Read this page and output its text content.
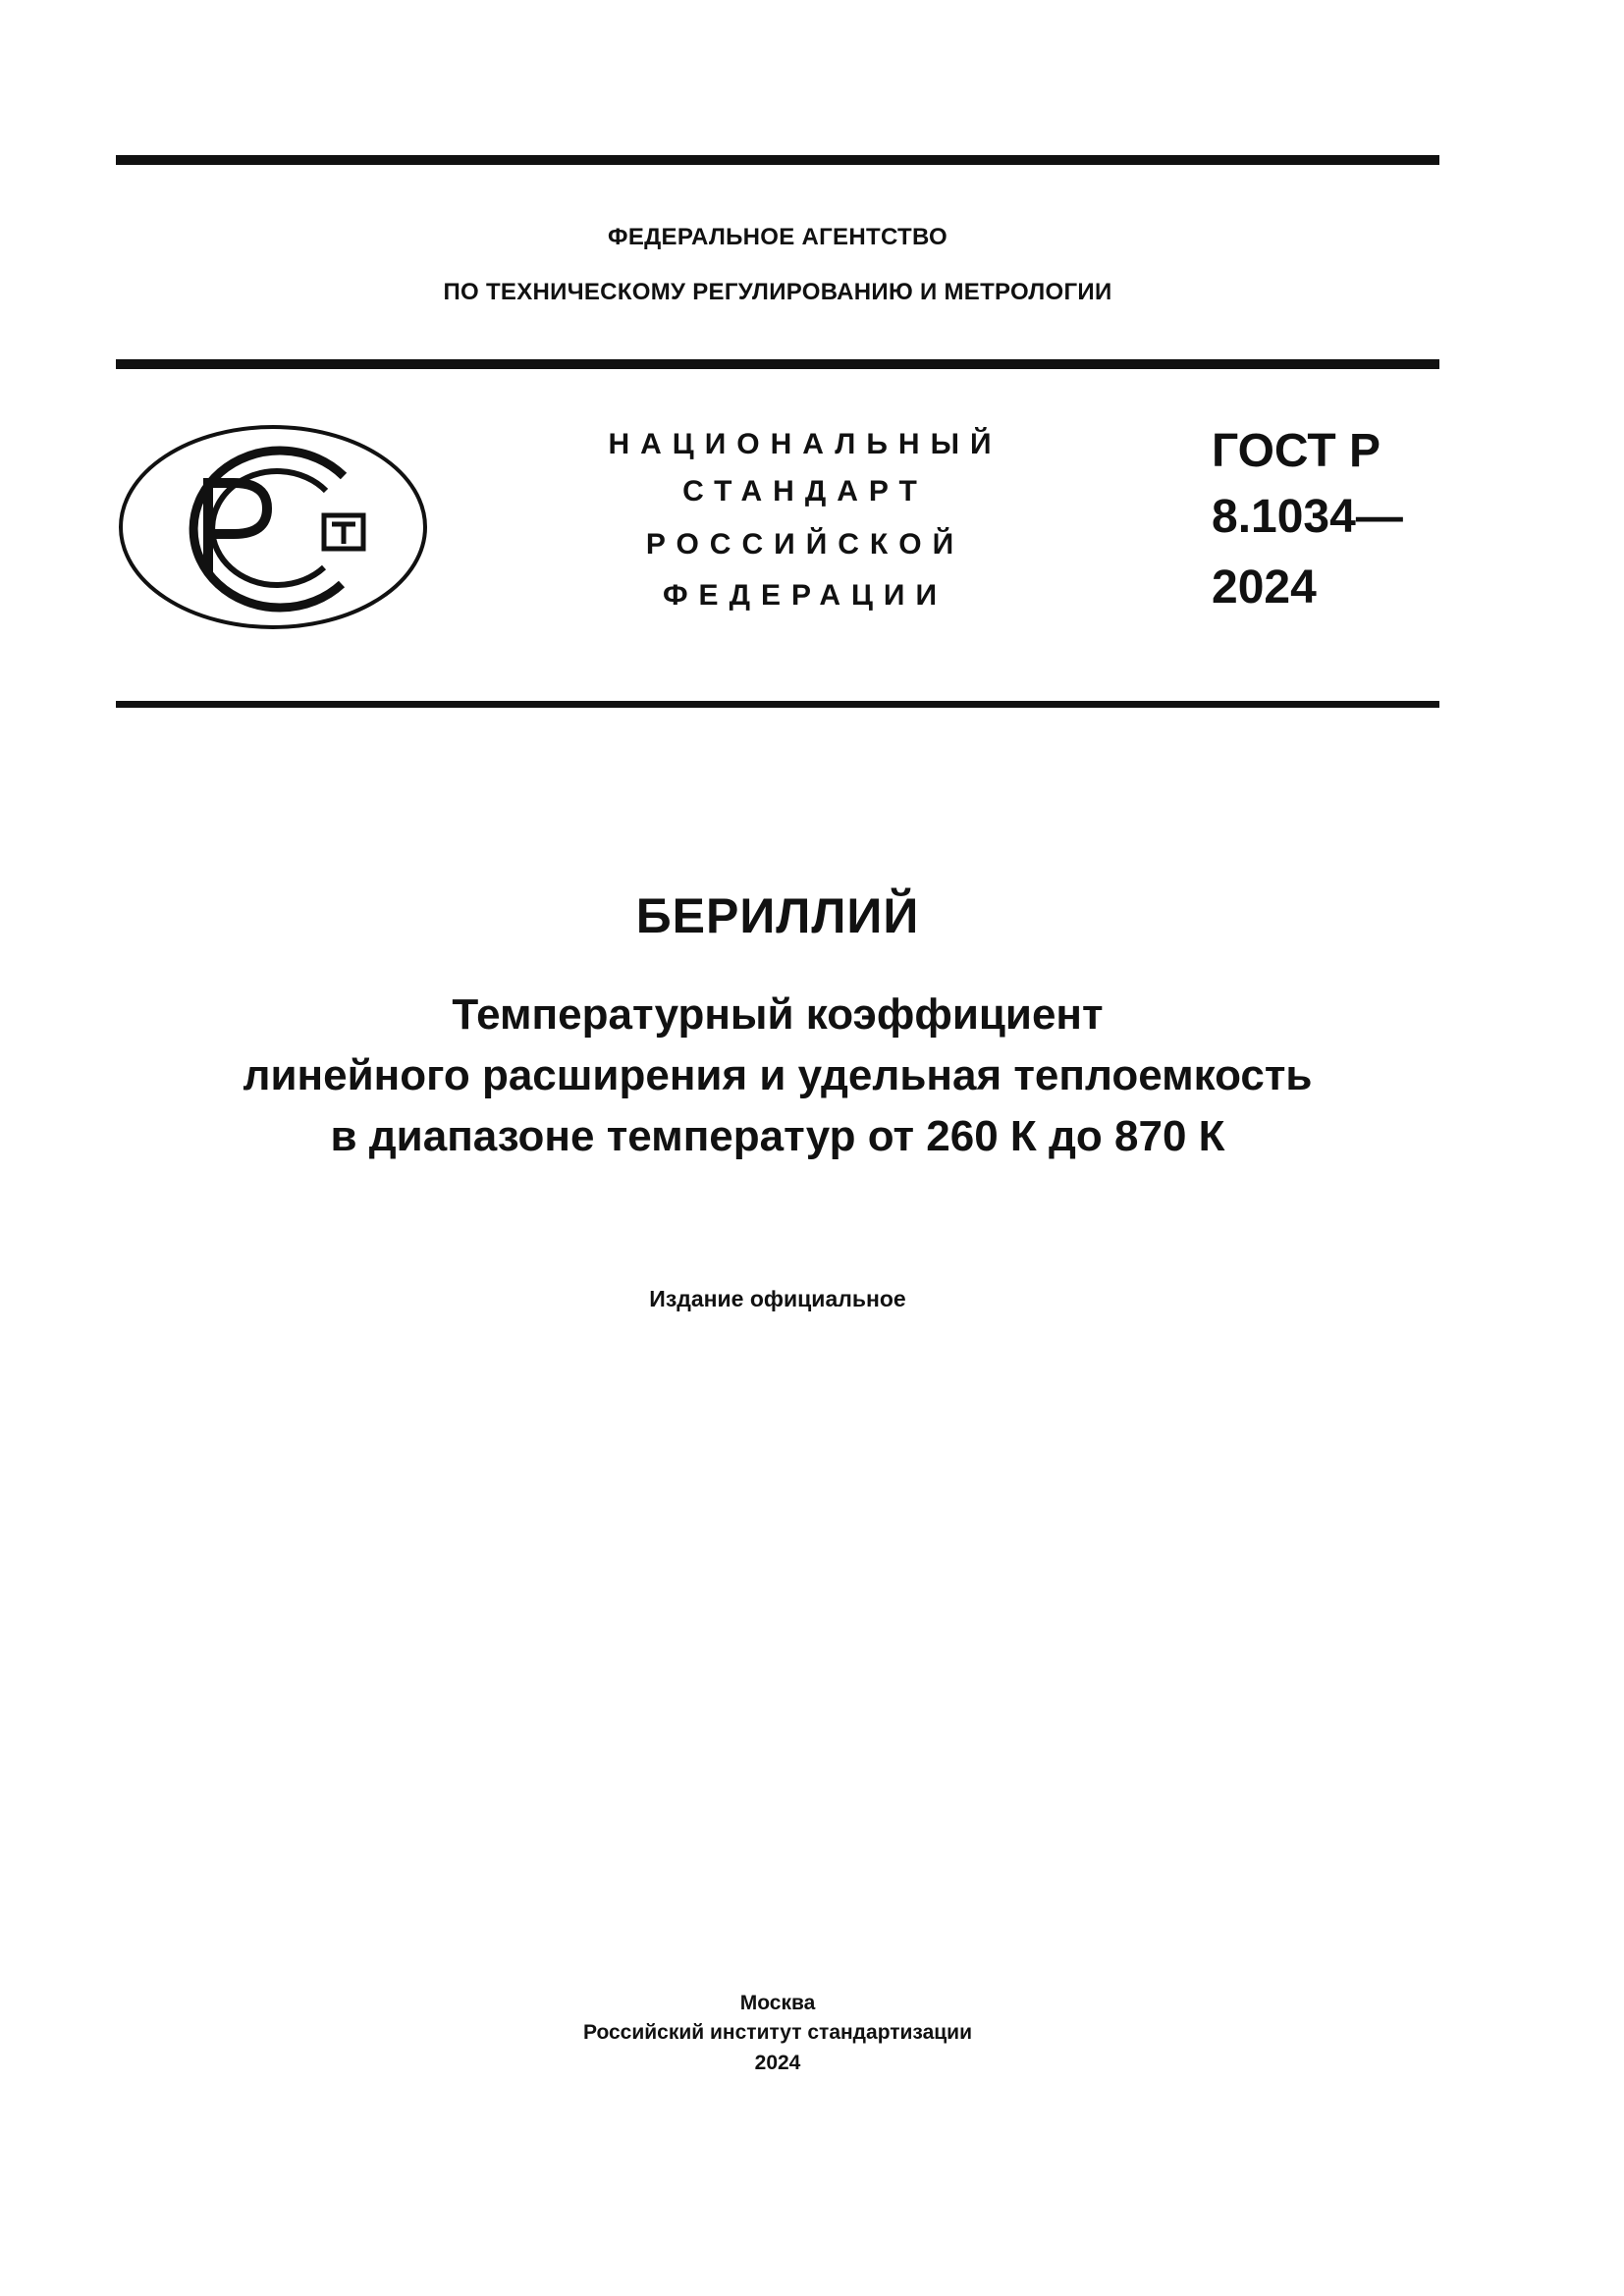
ФЕДЕРАЛЬНОЕ АГЕНТСТВО
ПО ТЕХНИЧЕСКОМУ РЕГУЛИРОВАНИЮ И МЕТРОЛОГИИ
НАЦИОНАЛЬНЫЙ
СТАНДАРТ
РОССИЙСКОЙ
ФЕДЕРАЦИИ
ГОСТ Р
8.1034—
2024
БЕРИЛЛИЙ
Температурный коэффициент
линейного расширения и удельная теплоемкость
в диапазоне температур от 260 К до 870 К
Издание официальное
Москва
Российский институт стандартизации
2024
